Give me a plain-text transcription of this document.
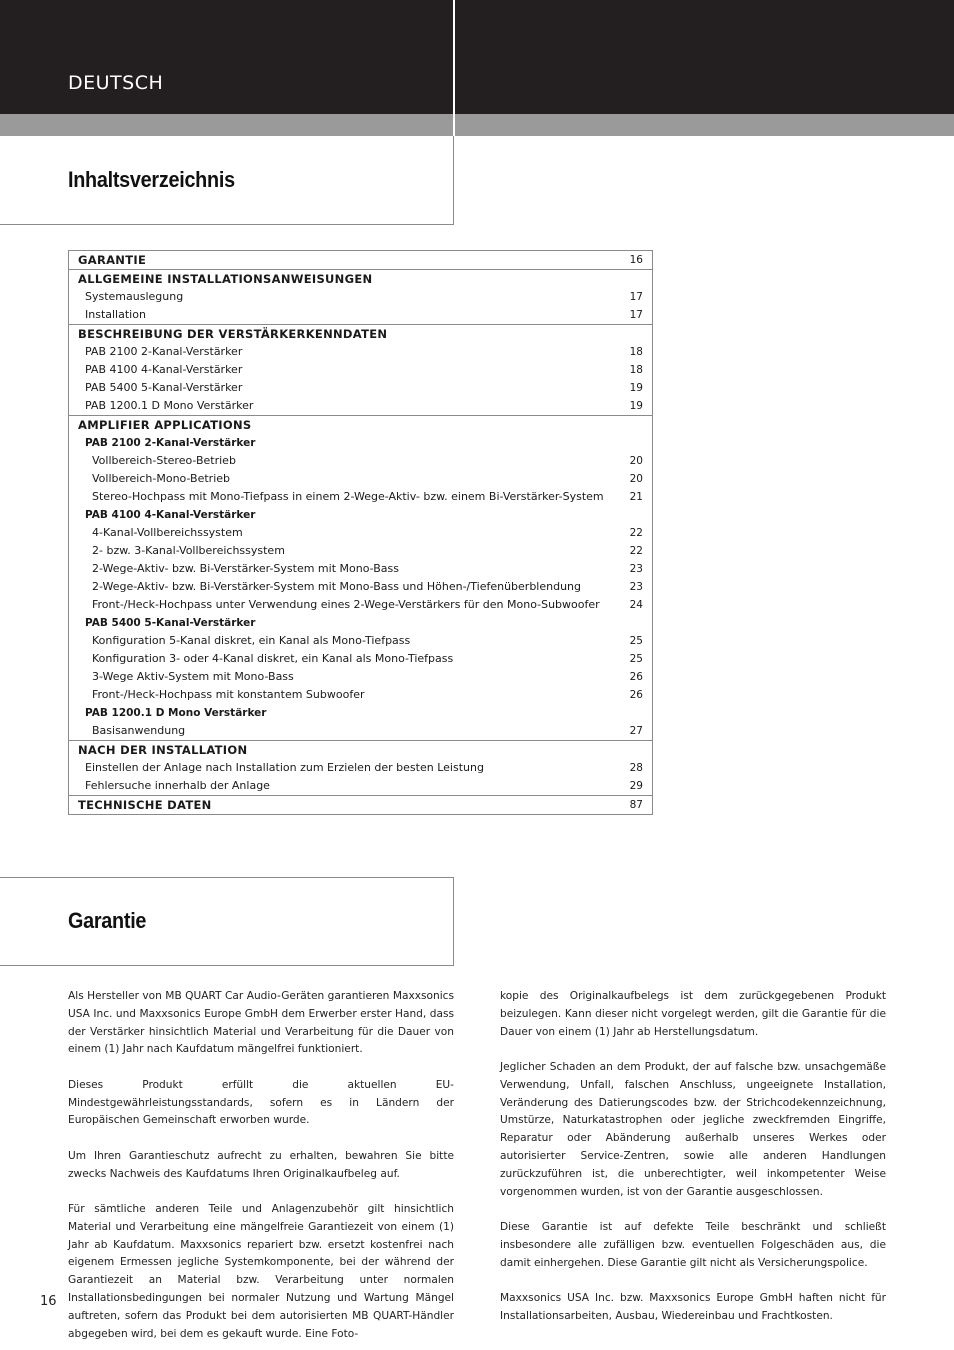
DEUTSCH
Inhaltsverzeichnis
GARANTIE	16
ALLGEMEINE INSTALLATIONSANWEISUNGEN
Systemauslegung	17
Installation	17
BESCHREIBUNG DER VERSTÄRKERKENNDATEN
PAB 2100 2-Kanal-Verstärker	18
PAB 4100 4-Kanal-Verstärker	18
PAB 5400 5-Kanal-Verstärker	19
PAB 1200.1 D Mono Verstärker	19
AMPLIFIER APPLICATIONS
PAB 2100 2-Kanal-Verstärker
Vollbereich-Stereo-Betrieb	20
Vollbereich-Mono-Betrieb	20
Stereo-Hochpass mit Mono-Tiefpass in einem 2-Wege-Aktiv- bzw. einem Bi-Verstärker-System 21
PAB 4100 4-Kanal-Verstärker
4-Kanal-Vollbereichssystem	22
2- bzw. 3-Kanal-Vollbereichssystem	22
2-Wege-Aktiv- bzw. Bi-Verstärker-System mit Mono-Bass	23
2-Wege-Aktiv- bzw. Bi-Verstärker-System mit Mono-Bass und Höhen-/Tiefenüberblendung	23
Front-/Heck-Hochpass unter Verwendung eines 2-Wege-Verstärkers für den Mono-Subwoofer	24
PAB 5400 5-Kanal-Verstärker
Konfiguration 5-Kanal diskret, ein Kanal als Mono-Tiefpass	25
Konfiguration 3- oder 4-Kanal diskret, ein Kanal als Mono-Tiefpass	25
3-Wege Aktiv-System mit Mono-Bass	26
Front-/Heck-Hochpass mit konstantem Subwoofer	26
PAB 1200.1 D Mono Verstärker
Basisanwendung	27
NACH DER INSTALLATION
Einstellen der Anlage nach Installation zum Erzielen der besten Leistung	28
Fehlersuche innerhalb der Anlage	29
TECHNISCHE DATEN	87
Garantie

Als Hersteller von MB QUART Car Audio-Geräten garantieren Maxxsonics USA Inc. und Maxxsonics Europe GmbH dem Erwerber erster Hand, dass der Verstärker hinsichtlich Material und Verarbeitung für die Dauer von einem (1) Jahr nach Kaufdatum mängelfrei funktioniert.

Dieses Produkt erfüllt die aktuellen EU-Mindestgewährleistungsstandards, sofern es in Ländern der Europäischen Gemeinschaft erworben wurde.

Um Ihren Garantieschutz aufrecht zu erhalten, bewahren Sie bitte zwecks Nachweis des Kaufdatums Ihren Originalkaufbeleg auf.

Für sämtliche anderen Teile und Anlagenzubehör gilt hinsichtlich Material und Verarbeitung eine mängelfreie Garantiezeit von einem (1) Jahr ab Kaufdatum. Maxxsonics repariert bzw. ersetzt kostenfrei nach eigenem Ermessen jegliche Systemkomponente, bei der während der Garantiezeit an Material bzw. Verarbeitung unter normalen Installationsbedingungen bei normaler Nutzung und Wartung Mängel auftreten, sofern das Produkt bei dem autorisierten MB QUART-Händler abgegeben wird, bei dem es gekauft wurde. Eine Foto-

kopie des Originalkaufbelegs ist dem zurückgegebenen Produkt beizulegen. Kann dieser nicht vorgelegt werden, gilt die Garantie für die Dauer von einem (1) Jahr ab Herstellungsdatum.

Jeglicher Schaden an dem Produkt, der auf falsche bzw. unsachgemäße Verwendung, Unfall, falschen Anschluss, ungeeignete Installation, Veränderung des Datierungscodes bzw. der Strichcodekennzeichnung, Umstürze, Naturkatastrophen oder jegliche zweckfremden Eingriffe, Reparatur oder Abänderung außerhalb unseres Werkes oder autorisierter Service-Zentren, sowie alle anderen Handlungen zurückzuführen ist, die unberechtigter, weil inkompetenter Weise vorgenommen wurden, ist von der Garantie ausgeschlossen.

Diese Garantie ist auf defekte Teile beschränkt und schließt insbesondere alle zufälligen bzw. eventuellen Folgeschäden aus, die damit einhergehen. Diese Garantie gilt nicht als Versicherungspolice.

Maxxsonics USA Inc. bzw. Maxxsonics Europe GmbH haften nicht für Installationsarbeiten, Ausbau, Wiedereinbau und Frachtkosten.

16
